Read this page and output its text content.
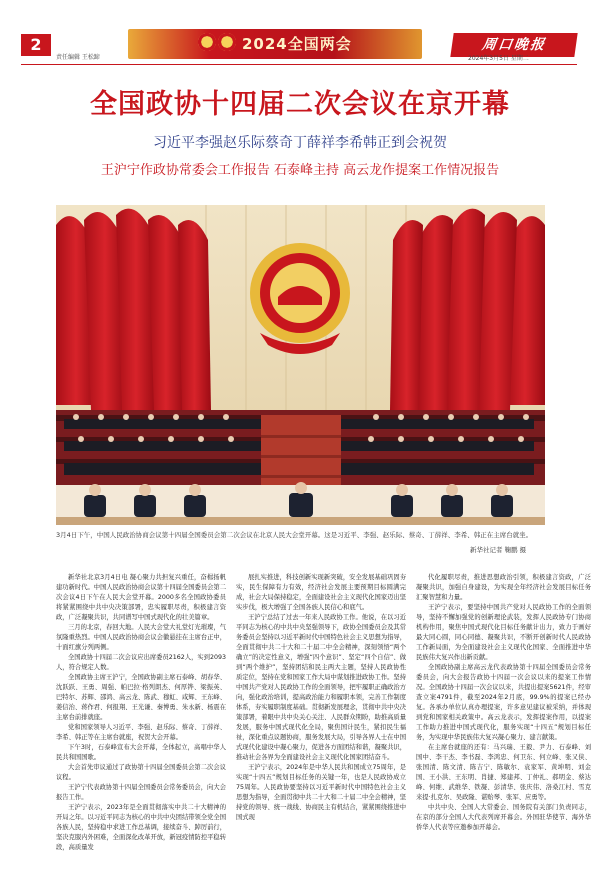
2
责任编辑 王松蹄
2024全国两会	周口晚报
2024年3月5日 星期二
全国政协十四届二次会议在京开幕
习近平李强赵乐际蔡奇丁薛祥李希韩正到会祝贺
王沪宁作政协常委会工作报告 石泰峰主持 高云龙作提案工作情况报告
3月4日下午，中国人民政治协商会议第十四届全国委员会第二次会议在北京人民大会堂开幕。这是习近平、李强、赵乐际、蔡奇、丁薛祥、李希、韩正在主席台就坐。
新华社记者 鞠鹏 摄

新华社北京3月4日电 凝心聚力共担复兴重任，奋楫扬帆建功新时代。中国人民政治协商会议第十四届全国委员会第二次会议4日下午在人民大会堂开幕。2000多名全国政协委员将紧紧围绕中共中央决策部署，忠实履职尽责，积极建言资政，广泛凝聚共识，共同谱写中国式现代化的壮美篇章。

三月的北京，春回大地。人民大会堂大礼堂灯光璀璨，气氛隆重热烈。中国人民政治协商会议会徽悬挂在主席台正中，十面红旗分列两侧。

全国政协十四届二次会议应出席委员2162人，实到2093人，符合规定人数。

全国政协主席王沪宁，全国政协副主席石泰峰、胡春华、沈跃跃、王勇、周强、帕巴拉·格列朗杰、何厚铧、梁振英、巴特尔、苏辉、邵鸿、高云龙、陈武、穆虹、咸辉、王东峰、姜信治、蒋作君、何报翔、王光谦、秦博勇、朱永新、杨震在主席台前排就座。

党和国家领导人习近平、李强、赵乐际、蔡奇、丁薛祥、李希、韩正等在主席台就座，祝贺大会开幕。

下午3时，石泰峰宣布大会开幕，全体起立，高唱中华人民共和国国歌。

大会首先审议通过了政协第十四届全国委员会第二次会议议程。

王沪宁代表政协第十四届全国委员会常务委员会，向大会报告工作。

王沪宁表示，2023年是全面贯彻落实中共二十大精神的开局之年。以习近平同志为核心的中共中央团结带领全党全国各族人民，坚持稳中求进工作总基调，接续奋斗、踔厉前行，坚决克服内外困难，全面深化改革开放，新冠疫情防控平稳转段，高质量发

展扎实推进，科技创新实现新突破，安全发展基础巩固夯实，民生保障有力有效，经济社会发展主要预期目标圆满完成，社会大局保持稳定，全面建设社会主义现代化国家迈出坚实步伐，极大增强了全国各族人民信心和底气。

王沪宁总结了过去一年来人民政协工作。他说，在以习近平同志为核心的中共中央坚强领导下，政协全国委员会及其常务委员会坚持以习近平新时代中国特色社会主义思想为指导，全面贯彻中共二十大和二十届二中全会精神，深刻领悟“两个确立”的决定性意义，增强“四个意识”、坚定“四个自信”、做到“两个维护”，坚持团结和民主两大主题，坚持人民政协性质定位，坚持在党和国家工作大局中谋划推进政协工作。坚持中国共产党对人民政协工作的全面领导，把牢履职正确政治方向，强化政治培训，提高政治能力和履职本领，完善工作制度体系，夯实履职制度基础。贯彻新发展理念，贯彻中共中央决策部署，着眼中共中央关心关注、人民群众期盼，助推高质量发展，服务中国式现代化全局，聚焦国计民生，紧扣民生福祉，深化重点议题协商，服务发展大局，引导各界人士在中国式现代化建设中凝心聚力，促进各方面团结和谐，凝聚共识，推动社会各界为全面建设社会主义现代化国家团结奋斗。

王沪宁表示，2024年是中华人民共和国成立75周年，是实现“十四五”规划目标任务的关键一年，也是人民政协成立75周年。人民政协要坚持以习近平新时代中国特色社会主义思想为指导，全面贯彻中共二十大和二十届二中全会精神，坚持党的领导、统一战线、协商民主有机结合，紧紧围绕推进中国式现

代化履职尽责，推进思想政治引领，积极建言资政，广泛凝聚共识，加强自身建设，为实现全年经济社会发展目标任务汇聚智慧和力量。

王沪宁表示，要坚持中国共产党对人民政协工作的全面领导，坚持不懈加强党的创新理论武装，发挥人民政协专门协商机构作用，聚焦中国式现代化目标任务献计出力，致力于画好最大同心圆，同心同德、凝聚共识，不断开创新时代人民政协工作新局面，为全面建设社会主义现代化国家、全面推进中华民族伟大复兴作出新贡献。

全国政协副主席高云龙代表政协第十四届全国委员会常务委员会，向大会报告政协十四届一次会议以来的提案工作情况。全国政协十四届一次会议以来，共提出提案5621件，经审查立案4791件，截至2024年2月底，99.9%的提案已经办复。各承办单位认真办理提案，许多意见建议被采纳，并体现到党和国家相关政策中。高云龙表示，发挥提案作用，以提案工作助力推进中国式现代化，服务实现“十四五”规划目标任务，为实现中华民族伟大复兴凝心聚力、建言献策。

在主席台就座的还有：马兴瑞、王毅、尹力、石泰峰、刘国中、李干杰、李书磊、李鸿忠、何卫东、何立峰、张又侠、张国清、陈文清、陈吉宁、陈敏尔、袁家军、黄坤明、刘金国、王小洪、王东明、肖捷、郑建邦、丁仲礼、郝明金、蔡达峰、何维、武维华、铁凝、彭清华、张庆伟、洛桑江村、雪克来提·扎克尔、吴政隆、谌贻琴、张军、应勇等。

中共中央、全国人大常委会、国务院有关部门负责同志，在京的部分全国人大代表列席开幕会。外国驻华使节、海外华侨华人代表等应邀参加开幕会。
